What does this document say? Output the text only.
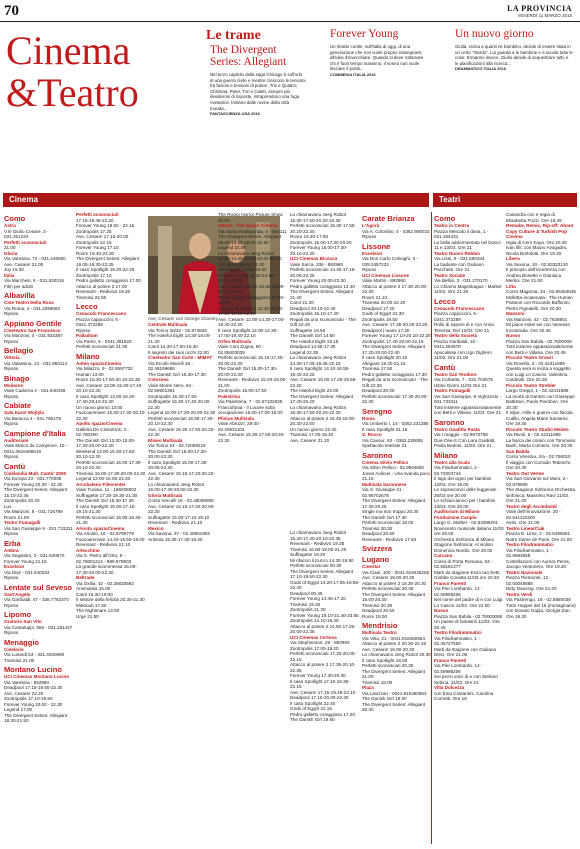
70	LA PROVINCIA
VENERDÌ 11 MARZO 2016
Cinema
&Teatro
Le trame
The Divergent Series: Allegiant

Nel terzo capitolo della saga Chicago è sull'orlo di una guerra civile e mentre crescono le tensioni fra fazioni e tensioni di potere, Tris e Quattro, Christina, Peter, Tori e Caleb, sempre più desiderosi di risposte, intraprendono una fuga rivelatrice, lontano dalle rovine della città murata...

FANTASCIENZA USA 2016

Forever Young

Un ritratto corale, sull'Italia di oggi, di una generazione che non vuole proprio rassegnarsi all'idea d'invecchiare. Quando si deve rottamare chi è fuori tempo massimo, il nonno non vuole lasciare il posto...

COMMEDIA ITALIA 2016

Un nuovo giorno

Giulia, vicina a quanti ne bambino, decide di essere stata in un certo "ritardo". Lui guarda a le bambine e a scuola tutte le cose: Ermanno invece, Giulio decide di sequestrare tutti, e le pianificazioni alla ricerca...

DRAMMATICO ITALIA 2016

Cinema	Teatri
Ave, Cesare! con George Clooney
Como
Astra
V.le Giulio Cesare, 3 - 031.261234
Perfetti sconosciuti
21.00
Gloria
Via Varesina, 72 - 031.449080
Ave, Cesare! 21.00
Joy 15.30
Italia
Via Marchesi, 6 - 031.530316
Film per adulti
Albavilla
Cine Teatro Della Rosa
Via Roma, 4 - 031.3359082
Riposo
Appiano Gentile
Cineteatro San Francesco
Via Manzoni, 4 - 031.934387
Riposo
Bellagio
Vittoria
Via Valassina, 13 - 031.950114
Riposo
Binago
Moderno
Viale Cadorna 4 - 031.940439
Riposo
Cabiate
Sala Karol Wojtyla
Via Baracca 4 - 031.766178
Riposo
Campione d'Italia
Auditorium
Viale Marco da Campione, 10 - 0041.0916496018
Riposo
Cantù
Cinelandia Mult. Cantù' 2000
Via Europa 23 - 031.770035
Forever Young 20.30 - 22.30
The Divergent Series: Allegiant 15.10-22.45
Zootropolis 20.20
Lux
Via Manzoni, 8 - 031.716799
Room 21.00
Teatro Fumagalli
Via San Giuseppe 9 - 031.733311
Riposo
Erba
Ambra
Via Segantini, 3 - 031.640670
Forever Young 21.15
Excelsior
Via Diaz - 031.640234
Riposo
Lentate sul Seveso
Sant'Angelo
Via Garibaldi, 47 - 338.7782370
Riposo
Lipomo
Oratorio San Vito
Via Cantaluppi, 556 - 031.281427
Riposo
Menaggio
Cinelario
Via Lusardi 53 - 331.4030990
Tiramisù 21.00
Montano Lucino
UCI Cinemas Montano Lucino
Via Varesina - 892960
Deadpool 17.15-19.50-22.30
Ave, Cesare! 22.25
Zootropolis 17.10-19.50
Forever Young 20.00 - 22.30
Legend 17.00
The Divergent Series: Allegiant 18.30-21.50
Perfetti sconosciuti
17.15-19.45-22.20
Forever Young 19.50 - 22.15
Zootropolis 17.25
Ave, Cesare! 17.15-20.00
Zootropolis 22.15
Forever Young 17.15
Room 19.40-22.30
The Divergent Series: Allegiant 19.05-19.30-22.35
Il caso Spotlight 19.20-22.25
Zootropolis 17.10
Pedro galletto coraggioso 17.00
Attacco al potere 2 17.00
Revenant - Redivivo 19.30
Tiramisù 22.50
Lecco
Cenacolo Francescano
Piazza cappuccini, 6 - 0341.372289
Riposo
Palladium
Via Parini, 6 - 0341.381523
Perfetti sconosciuti 21.00
Milano
Anteo spazioCinema
Via Milazzo, 9 - 02.6597732
Human 13.00
Room 15.30-17.50-20.10-22.30
Ave, Cesare! 13.00-15.30-17.40-20.10-22.30
Il caso Spotlight 13.00-15.20-17.40-20.10-22.30
Un nuovo giorno 13.00
Fuocoammare 15.30-17.30-20.10-22.30
Apollo spazioCinema
Galleria De Cristoforis, 3 - 02.780390
The Danish Girl 13.00-15.00-17.30-20.00-22.30
Weekend 13.00-15.30-17.50-20.10-22.30
Perfetti sconosciuti 15.00-17.30-20.10-22.30
Tiramisù 15.00-17.30-20.00-22.30
Legend 13.00-15.00-22.30
Arcobaleno Filmcenter
Viale Tunisia, 11 - 199208002
Suffragette 17.30-19.30-21.30
The Danish Girl 15.30-17.30
Il caso Spotlight 15.00-17.15-19.15-21.30
Perfetti sconosciuti 15.00-19.40-21.30
Ariosto spazioCinema
Via Ariosto, 16 - 02.8789779
Fuocoammare 14.40-16.50-19.00
Revenant - Redivivo 21.10
Arlecchino
Via S. Pietro all'Orto, 9 - 02.76001214 - 899.678903
La grande scommessa 15.00-17.30-20.00-22.30
Beltrade
Via Oxilia, 10 - 02.26820592
Anomalisa 15.00
Carol 16.30-19.00
Il settore della felicità 20.30-21.30
Mektoub 17.30
The Nightmare 13.00
Urge 21.50
Centrale Multisala
Via Torino 30/32 - 02.874826
The Hateful Eight 14.30-18.00-21.30
Carol 14.30-17.00-19.30
Il segreto dei suoi occhi 22.00
Cineteatro San Carlo - MIMAT
Via Ercole Marelli 19 - 02.48199688
The Danish Girl 15.30-17.30
Colosseo
Viale Monte Nero, 84 - 02.59901361
Zootropolis 15.30-17.50
Suffragette 15.30-17.40-20.00-22.30
Legend 15.00-17.30-20.00-22.30
Perfetti sconosciuti 15.00-17.30-20.10-22.30
Ave, Cesare! 15.30-17.50-20.20-22.30
Eliseo Multisala
Via Torino 64 - 02.72008219
The Danish Girl 15.00-17.30-20.00-22.30
Il caso Spotlight 15.00-17.35-20.05-22.30
Ave, Cesare! 15.15-17.20-20.20-22.30
Lo chiamavano Jeeg Robot 15.00-17.30-20.00-22.30
Gloria Multisala
Corso Vercelli 18 - 02.48008908
Ave, Cesare! 15.15-17.30-20.00-22.30
Suffragette 15.00-17.10-19.10
Revenant - Redivivo 21.10
Mexico
Via Savona, 57 - 02.48951802
Antonia 15.30-17.30-19.30
The Rocky Horror Picture Show 22.00
Odeon - The Space Cinema
Via Santa Radegonda, 8 - 892111
The Divergent Series: Allegiant 15.20-16.35-19.20-22.30
Legend 21.00
Lo chiamavano Jeeg Robot 12.00-14.40-17.20-20.00-22.40
Un nuovo giorno 21.00
Zootropolis 13.50-16.30
Forever Young 12.30-14.50-17.10-19.30
Ave, Cesare! 13.00-15.30-18.00-20.30-23.00
Pedro galletto coraggioso 13.00-15.30
Attacco al potere 2 12.20-14.50-17.20-19.50-22.20
Ave, Cesare! 12.00-14.30-17.00-19.40-22.20
Il caso Spotlight 12.00-14.30-17.00-19.40-22.10
Orfeo Multisala
Viale Coni Zugna, 50 - 02.89403039
Perfetti sconosciuti 15.15-17.40-20.05-22.30
The Danish Girl 15.00-17.30-20.00-22.30
Revenant - Redivivo 15.00-18.00-21.00
Zootropolis 15.00-17.50
Palestrina
Via Palestrina, 7 - 02.67102635
Francofonia - Il Louvre sotto occupazione 15.00-17.00-19.00
Plinius Multisala
Viale Abruzzi, 28-30 - 02.29531103
Ave, Cesare! 15.30-17.50-20.20-22.30
Lo chiamavano Jeeg Robot 15.30-17.50-20.20-22.30
Perfetti sconosciuti 15.30-17.50-20.20-22.30
Room 15.30-17.50
Zootropolis 15.00-17.30-20.00
Forever Young 15.00-17.30-20.10-22.30
UCI Cinemas Bicocca
Viale Sarca, 336 - 892960
Perfetti sconosciuti 14.40-17.15-20.05-22.35
Forever Young 20.00-22.30
Pedro galletto coraggioso 14.40
The Divergent Series: Allegiant 21.40
Carol 21.30
Deadpool 20.10-22.40
Zootropolis 15.10-17.40
Regali da uno sconosciuto - The Gift 22.45
Suffragette 16.50
The Danish Girl 14.50
The Hateful Eight 19.15
Deadpool 14.55-17.30
Legend 22.35
Lo chiamavano Jeeg Robot 14.30-17.05-19.45-22.15
Il caso Spotlight 14.10-16.55-19.40-22.25
Ave, Cesare! 15.00-17.25-19.55-22.20
The Hateful Eight 22.00
The Divergent Series: Allegiant 17.40-20.20
Lo chiamavano Jeeg Robot 15.30-17.50-20.20-22.30
Attacco al potere 2 15.45-18.00-20.30-22.50
Un nuovo giorno 22.40
Tiramisù 17.00-19.40
Ave, Cesare! 21.20
Lo chiamavano Jeeg Robot 15.30-17.40-20.10-22.35
Revenant - Redivivo 19.35
Tiramisù 16.50-19.00-21.20
Suffragette 19.20
Mi rifaccio il trucco 14.30-19.50
Perfetti sconosciuti 00.30
The Divergent Series: Allegiant 17.10-19.50-22.30
Gods of Egypt 14.20-17.05-19.55-22.40
Deadpool 00.45
Forever Young 14.45-17.20
Tiramisù 19.30
Zootropolis 21.30
Forever Young 19.10-21.40-23.55
Zootropolis 14.10-16.40
Attacco al potere 2 14.50-17.25-20.00-22.35
UCI Cinemas Certosa
Via Stephenson, 29 - 892960
Zootropolis 17.00-19.20
Perfetti sconosciuti 17.20-20.00-22.15
Attacco al potere 2 17.35-20.10-22.35
Forever Young 17.30-20.30
Il caso Spotlight 17.10-19.30-22.15
Ave, Cesare! 17.15-19.45-22.10
Deadpool 17.10-20.00-22.30
Il caso Spotlight 22.40
Gods of Egypt 22.15
Pedro galletto coraggioso 17.20
The Danish Girl 19.50
Carate Brianza
L'Agorà
Via A. Colombo, 4 - 0362.900023
Riposo
Lissone
Excelsior
Via Don Carlo Colnaghi, 3 - 039.2457233
Riposo
UCI Cinemas Lissone
Viale Martiri - 892960
Attacco al potere 2 17.30-20.00-22.30
Room 21.10
Tiramisù 20.00-22.20
Deadpool 17.20
Gods of Egypt 22.30
Zootropolis 19.50
Ave, Cesare! 17.35-20.00-22.30
Deadpool | Iuans 17.20
Forever Young 17.10-20.10-22.20
Zootropolis 17.40-20.00-22.15
The Divergent Series: Allegiant 17.20-20.00-22.40
Il caso Spotlight 20.10
Allegiant 19.30-22.15
Tiramisù 17.50
Pedro galletto coraggioso 17.30
Regali da uno sconosciuto - The Gift 22.30
Deadpool 20.00
Perfetti sconosciuti 17.30-20.00-22.30
Seregno
Roma
Via Umberto I, 14 - 0362.231385
Il caso Spotlight 21.15
S. Rocco
Via Cavour, 83 - 0362.230655
Spettacolo teatrale 21
Saronno
Cinema Silvio Pellico
Via Silvio Pellico - 02.9604860
Jones Aulinus - Una svanita poco 21.15
Multisala Saronnese
Via S. Giuseppe 21 - 02.96702678
The Divergent Series: Allegiant 17.30-20.25
Single ma non troppo 20.30
The Danish Girl 17.30
Perfetti sconosciuti 18.00
Tiramisù 20.30
Deadpool 20.50
Revenant - Redivivo 17.50
Svizzera
Lugano
Cinestar
Via Ciani, 100 - 0041.919426255
Ave, Cesare! 18.00-20.30
Attacco al potere 2 18.30-20.30
Perfetti sconosciuti 20.30
The Divergent Series: Allegiant 18.00-20.30
Tiramisù 20.30
Deadpool 20.50
Room 18.00
Mendrisio
Multisala Teatro
Via Vela, 21 - 0041.916460654
Attacco al potere 2 20.30-22.45
Ave, Cesare! 18.00-20.30
Lo chiamavano Jeeg Robot 20.30
Il caso Spotlight 18.00
Perfetti sconosciuti 20.30
The Divergent Series: Allegiant 21.00
Tiramisù 18.00
Plaza
Via Lavizzari - 0041.916460654
The Danish Girl 18.00
The Divergent Series: Allegiant 20.30
Como
Teatro in Centro
Piazza Mercato il doria, 1 - 031.264431
La bella addormentata nel bosco 11 e 13/03. Ore 21
Teatro Nuovo Rebbio
Via Lissi, 9 - 031.590344
La badante con Giuliano Pacchetti. Ore 21
Teatro Sociale
Via Bellini, 3 - 031.270170
Lo Chiamo Mageskagus - Marker 11/03. Ore 21.30
Lecco
Cenacolo Francescano
Piazza cappuccini, 6 - 0341.372289
Rollo di sapore di e con Anna Tenenta. Del 12/03. Ore 21
Teatro della Società
Piazza Garibaldi, 10 - 0341.284870
Apocalisse con Ugo Dighero 11/03. Ore 21.00
Cantù
Teatro San Teodoro
Via Corbetta, 7 - 031.702575
Ultimi Giorni 11/03 Ore 21
Teatro Fumagalli
Via San Giuseppe, 9 Vighizzolo - 031.733311
Tutti insieme appassionatamente con Betti e Villana. 11/03. Ore 21
Saronno
Teatro Giuditta Pasta
Via I maggio - 02.9670758
Due-Ose-S Con Lara Guidetti, Paola Bedoni, 11/03. Ore 21
Milano
Teatro alla Scala
Via Filodrammatici, 2 - 02.72003744
Il lago del cigno per bambini 12/03. Ore 15.00
Le sopracomici delle leggende - 20/03 ore 20.00
Lo schiaccianoci per i bambini 13/03. Ore 20.00
Auditorium di Milano Fondazione Cariplo
Largo G. Mahler - 02.83389201
Novecento musicale italiano 11/03 ore 20.00
Orchestra Sinfonica di Milano
Stagione Sinfonica: Al violino Domenica Nordio. Ore 20.00
Carcano
Corso di Porta Romana, 63 - 02.55181377
Marti da stagione Enzo Iacchetti, Giobbe Covatta 11/03 ore 20.30
Franco Parenti
Via Pier Lombardo, 14 - 02.59995206
Nel nome del padre di e con Luigi Lo Cascio 11/03. Ore 21.00
Nuovo
Piazza San Babila - 02.76000086
Un paese di fantasmi 11/03. Ore 20.45
Teatro Filodrammatici
Via Filodrammatici, 1 - 02.36727550
Marti da stagione con Giuliano Dieci. Ore 21.00
Franco Parenti
Via Pier Lombardo, 14 - 02.59995206
Sei pezzi unici di e con Stefano Sebina. 11/03. Ore 21
Villa Dolcezza
con Enia Costantini, Carolina Cornetti. Ore 19
Casandra con e regia di Elisabetta Pozzi. Ore 19.45
Remake, Remix, Rip-off: About Copy Culture & Turkish Pop Cinema
regia di Cem Kaya. Ore 20.30
Ivan Illic con Mauro Avogadro, Nicola Bortolotti. Ore 19.30
Libera
Via Savona, 10 - 02.83323120
Il principio dell'incertezza con Andrea Bonetto e Gianluca Merlini. Ore 21.00
Litta
Corso Magenta, 24 - 02.86454545
Molletta-incatenata - The Human Passion con Riccardo Buffonini, Pietro Pignatelli. Ore 20.30
Manzoni
Via Manzoni, 42 - 02.7636901
Mi piace Hotel sei con Vanessa Incontrada. Ore 20.45
Nuovo
Piazza San Babila - 02.7600008
Tutti insieme appassionatamente con Betti e Villana. Ore 20.45
Piccolo Teatro Grassi
Via Rovello, 2 - 02.42411889
Questa sera si recita a soggetto con Luigi Lo Cascio, Valentina Cardinali. Ore 20.30
Piccolo Teatro Strehler
Largo Greppi, 1 - 02.42411889
La morte di Danton con Giuseppe Battiston, Paolo Pierobon. Ore 20.30
Il tolpe, mille e guerra con Nicola Cutillo, Angela Marie Santarini. Ore 19.30
Piccolo Teatro Studio Melato
Via Rivoli, 6 - 02.42411889
La barca dei comici con Tommaso Banfi, Marta Comerio. Ore 20.30
San Babila
Corso Venezia, 2/a - 02.798010
Il viaggio con Corrado Tedeschi. Ore 20.30
Teatro Out Verme
Via San Giovanni sul Muro, 2 - 02.879905
The Stagione Sinfonica Orchestra sinfonica. Massimo Ravi 11/03. Ore 21.00
Teatro degli Arcimboldi
Viale dell'Innovazione, 20 - 02.641142200
Aeris. Ore 21.00
Teatro LinearCiak
Piazza E. Lime, 2 - 02.5496961
Notre Dame de Paris. Ore 21.00
Teatro Filodrammatici
Via Filodrammatici, 1 - 02.8693659
Costellazioni con Aurora Peres, Jacopo Venturiero. Ore 19.30
Teatro Nazionale
Piazza Piemonte, 12 - 02.00048888
Dirty Dancing. Ore 21.00
Teatro Verdi
Via Pastrengo, 16 - 02.6880038
Tutto Hopper del 16 (immaginario) con Donato Gajda, Giorgia Zan. Ore 19.30
